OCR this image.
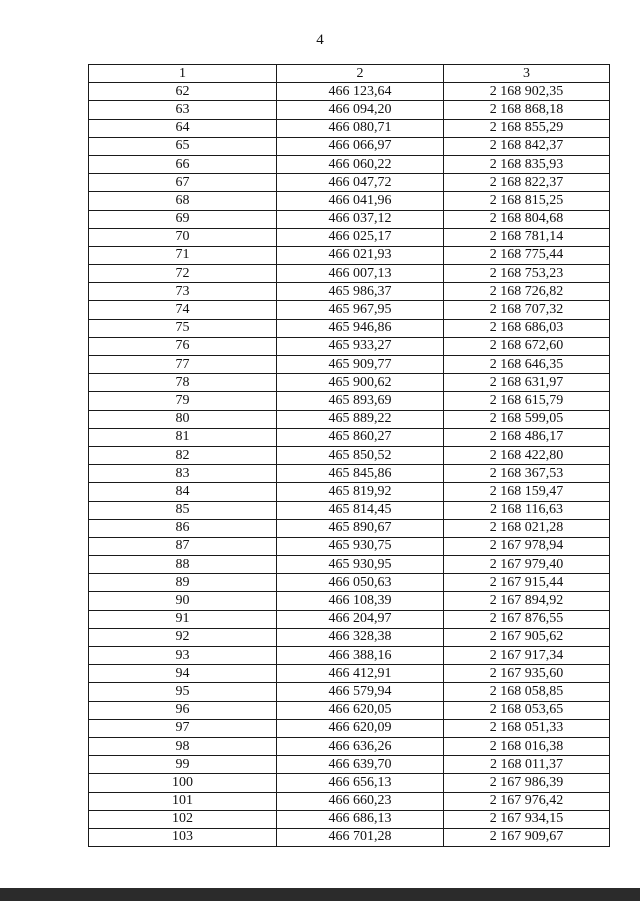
4
1	2	3
62	466 123,64	2 168 902,35
63	466 094,20	2 168 868,18
64	466 080,71	2 168 855,29
65	466 066,97	2 168 842,37
66	466 060,22	2 168 835,93
67	466 047,72	2 168 822,37
68	466 041,96	2 168 815,25
69	466 037,12	2 168 804,68
70	466 025,17	2 168 781,14
71	466 021,93	2 168 775,44
72	466 007,13	2 168 753,23
73	465 986,37	2 168 726,82
74	465 967,95	2 168 707,32
75	465 946,86	2 168 686,03
76	465 933,27	2 168 672,60
77	465 909,77	2 168 646,35
78	465 900,62	2 168 631,97
79	465 893,69	2 168 615,79
80	465 889,22	2 168 599,05
81	465 860,27	2 168 486,17
82	465 850,52	2 168 422,80
83	465 845,86	2 168 367,53
84	465 819,92	2 168 159,47
85	465 814,45	2 168 116,63
86	465 890,67	2 168 021,28
87	465 930,75	2 167 978,94
88	465 930,95	2 167 979,40
89	466 050,63	2 167 915,44
90	466 108,39	2 167 894,92
91	466 204,97	2 167 876,55
92	466 328,38	2 167 905,62
93	466 388,16	2 167 917,34
94	466 412,91	2 167 935,60
95	466 579,94	2 168 058,85
96	466 620,05	2 168 053,65
97	466 620,09	2 168 051,33
98	466 636,26	2 168 016,38
99	466 639,70	2 168 011,37
100	466 656,13	2 167 986,39
101	466 660,23	2 167 976,42
102	466 686,13	2 167 934,15
103	466 701,28	2 167 909,67
